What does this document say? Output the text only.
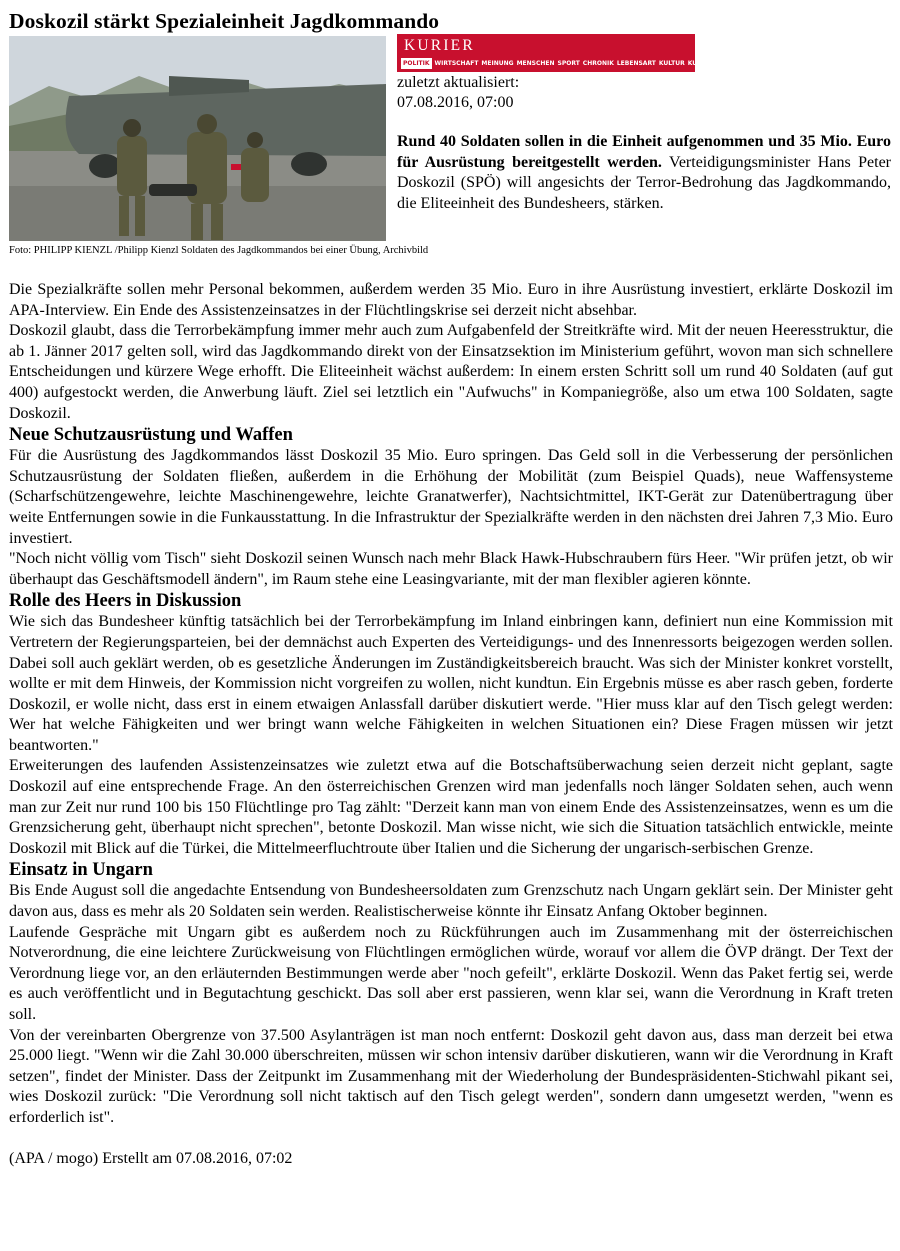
Doskozil stärkt Spezialeinheit Jagdkommando
Foto: PHILIPP KIENZL /Philipp Kienzl Soldaten des Jagdkommandos bei einer Übung, Archivbild
KURIER
POLITIK WIRTSCHAFT MEINUNG MENSCHEN SPORT CHRONIK LEBENSART KULTUR KULT VIDEO
zuletzt aktualisiert:
07.08.2016, 07:00
Rund 40 Soldaten sollen in die Einheit aufgenommen und 35 Mio. Euro für Ausrüstung bereitgestellt werden. Verteidigungsminister Hans Peter Doskozil (SPÖ) will angesichts der Terror-Bedrohung das Jagdkommando, die Eliteeinheit des Bundesheers, stärken.

Die Spezialkräfte sollen mehr Personal bekommen, außerdem werden 35 Mio. Euro in ihre Ausrüstung investiert, erklärte Doskozil im APA-Interview. Ein Ende des Assistenzeinsatzes in der Flüchtlingskrise sei derzeit nicht absehbar.

Doskozil glaubt, dass die Terrorbekämpfung immer mehr auch zum Aufgabenfeld der Streitkräfte wird. Mit der neuen Heeresstruktur, die ab 1. Jänner 2017 gelten soll, wird das Jagdkommando direkt von der Einsatzsektion im Ministerium geführt, wovon man sich schnellere Entscheidungen und kürzere Wege erhofft. Die Eliteeinheit wächst außerdem: In einem ersten Schritt soll um rund 40 Soldaten (auf gut 400) aufgestockt werden, die Anwerbung läuft. Ziel sei letztlich ein "Aufwuchs" in Kompaniegröße, also um etwa 100 Soldaten, sagte Doskozil.

Neue Schutzausrüstung und Waffen

Für die Ausrüstung des Jagdkommandos lässt Doskozil 35 Mio. Euro springen. Das Geld soll in die Verbesserung der persönlichen Schutzausrüstung der Soldaten fließen, außerdem in die Erhöhung der Mobilität (zum Beispiel Quads), neue Waffensysteme (Scharfschützengewehre, leichte Maschinengewehre, leichte Granatwerfer), Nachtsichtmittel, IKT-Gerät zur Datenübertragung über weite Entfernungen sowie in die Funkausstattung. In die Infrastruktur der Spezialkräfte werden in den nächsten drei Jahren 7,3 Mio. Euro investiert.

"Noch nicht völlig vom Tisch" sieht Doskozil seinen Wunsch nach mehr Black Hawk-Hubschraubern fürs Heer. "Wir prüfen jetzt, ob wir überhaupt das Geschäftsmodell ändern", im Raum stehe eine Leasingvariante, mit der man flexibler agieren könnte.

Rolle des Heers in Diskussion

Wie sich das Bundesheer künftig tatsächlich bei der Terrorbekämpfung im Inland einbringen kann, definiert nun eine Kommission mit Vertretern der Regierungsparteien, bei der demnächst auch Experten des Verteidigungs- und des Innenressorts beigezogen werden sollen. Dabei soll auch geklärt werden, ob es gesetzliche Änderungen im Zuständigkeitsbereich braucht. Was sich der Minister konkret vorstellt, wollte er mit dem Hinweis, der Kommission nicht vorgreifen zu wollen, nicht kundtun. Ein Ergebnis müsse es aber rasch geben, forderte Doskozil, er wolle nicht, dass erst in einem etwaigen Anlassfall darüber diskutiert werde. "Hier muss klar auf den Tisch gelegt werden: Wer hat welche Fähigkeiten und wer bringt wann welche Fähigkeiten in welchen Situationen ein? Diese Fragen müssen wir jetzt beantworten."

Erweiterungen des laufenden Assistenzeinsatzes wie zuletzt etwa auf die Botschaftsüberwachung seien derzeit nicht geplant, sagte Doskozil auf eine entsprechende Frage. An den österreichischen Grenzen wird man jedenfalls noch länger Soldaten sehen, auch wenn man zur Zeit nur rund 100 bis 150 Flüchtlinge pro Tag zählt: "Derzeit kann man von einem Ende des Assistenzeinsatzes, wenn es um die Grenzsicherung geht, überhaupt nicht sprechen", betonte Doskozil. Man wisse nicht, wie sich die Situation tatsächlich entwickle, meinte Doskozil mit Blick auf die Türkei, die Mittelmeerfluchtroute über Italien und die Sicherung der ungarisch-serbischen Grenze.

Einsatz in Ungarn

Bis Ende August soll die angedachte Entsendung von Bundesheersoldaten zum Grenzschutz nach Ungarn geklärt sein. Der Minister geht davon aus, dass es mehr als 20 Soldaten sein werden. Realistischerweise könnte ihr Einsatz Anfang Oktober beginnen.

Laufende Gespräche mit Ungarn gibt es außerdem noch zu Rückführungen auch im Zusammenhang mit der österreichischen Notverordnung, die eine leichtere Zurückweisung von Flüchtlingen ermöglichen würde, worauf vor allem die ÖVP drängt. Der Text der Verordnung liege vor, an den erläuternden Bestimmungen werde aber "noch gefeilt", erklärte Doskozil. Wenn das Paket fertig sei, werde es auch veröffentlicht und in Begutachtung geschickt. Das soll aber erst passieren, wenn klar sei, wann die Verordnung in Kraft treten soll.

Von der vereinbarten Obergrenze von 37.500 Asylanträgen ist man noch entfernt: Doskozil geht davon aus, dass man derzeit bei etwa 25.000 liegt. "Wenn wir die Zahl 30.000 überschreiten, müssen wir schon intensiv darüber diskutieren, wann wir die Verordnung in Kraft setzen", findet der Minister. Dass der Zeitpunkt im Zusammenhang mit der Wiederholung der Bundespräsidenten-Stichwahl pikant sei, wies Doskozil zurück: "Die Verordnung soll nicht taktisch auf den Tisch gelegt werden", sondern dann umgesetzt werden, "wenn es erforderlich ist".

(APA / mogo) Erstellt am 07.08.2016, 07:02
